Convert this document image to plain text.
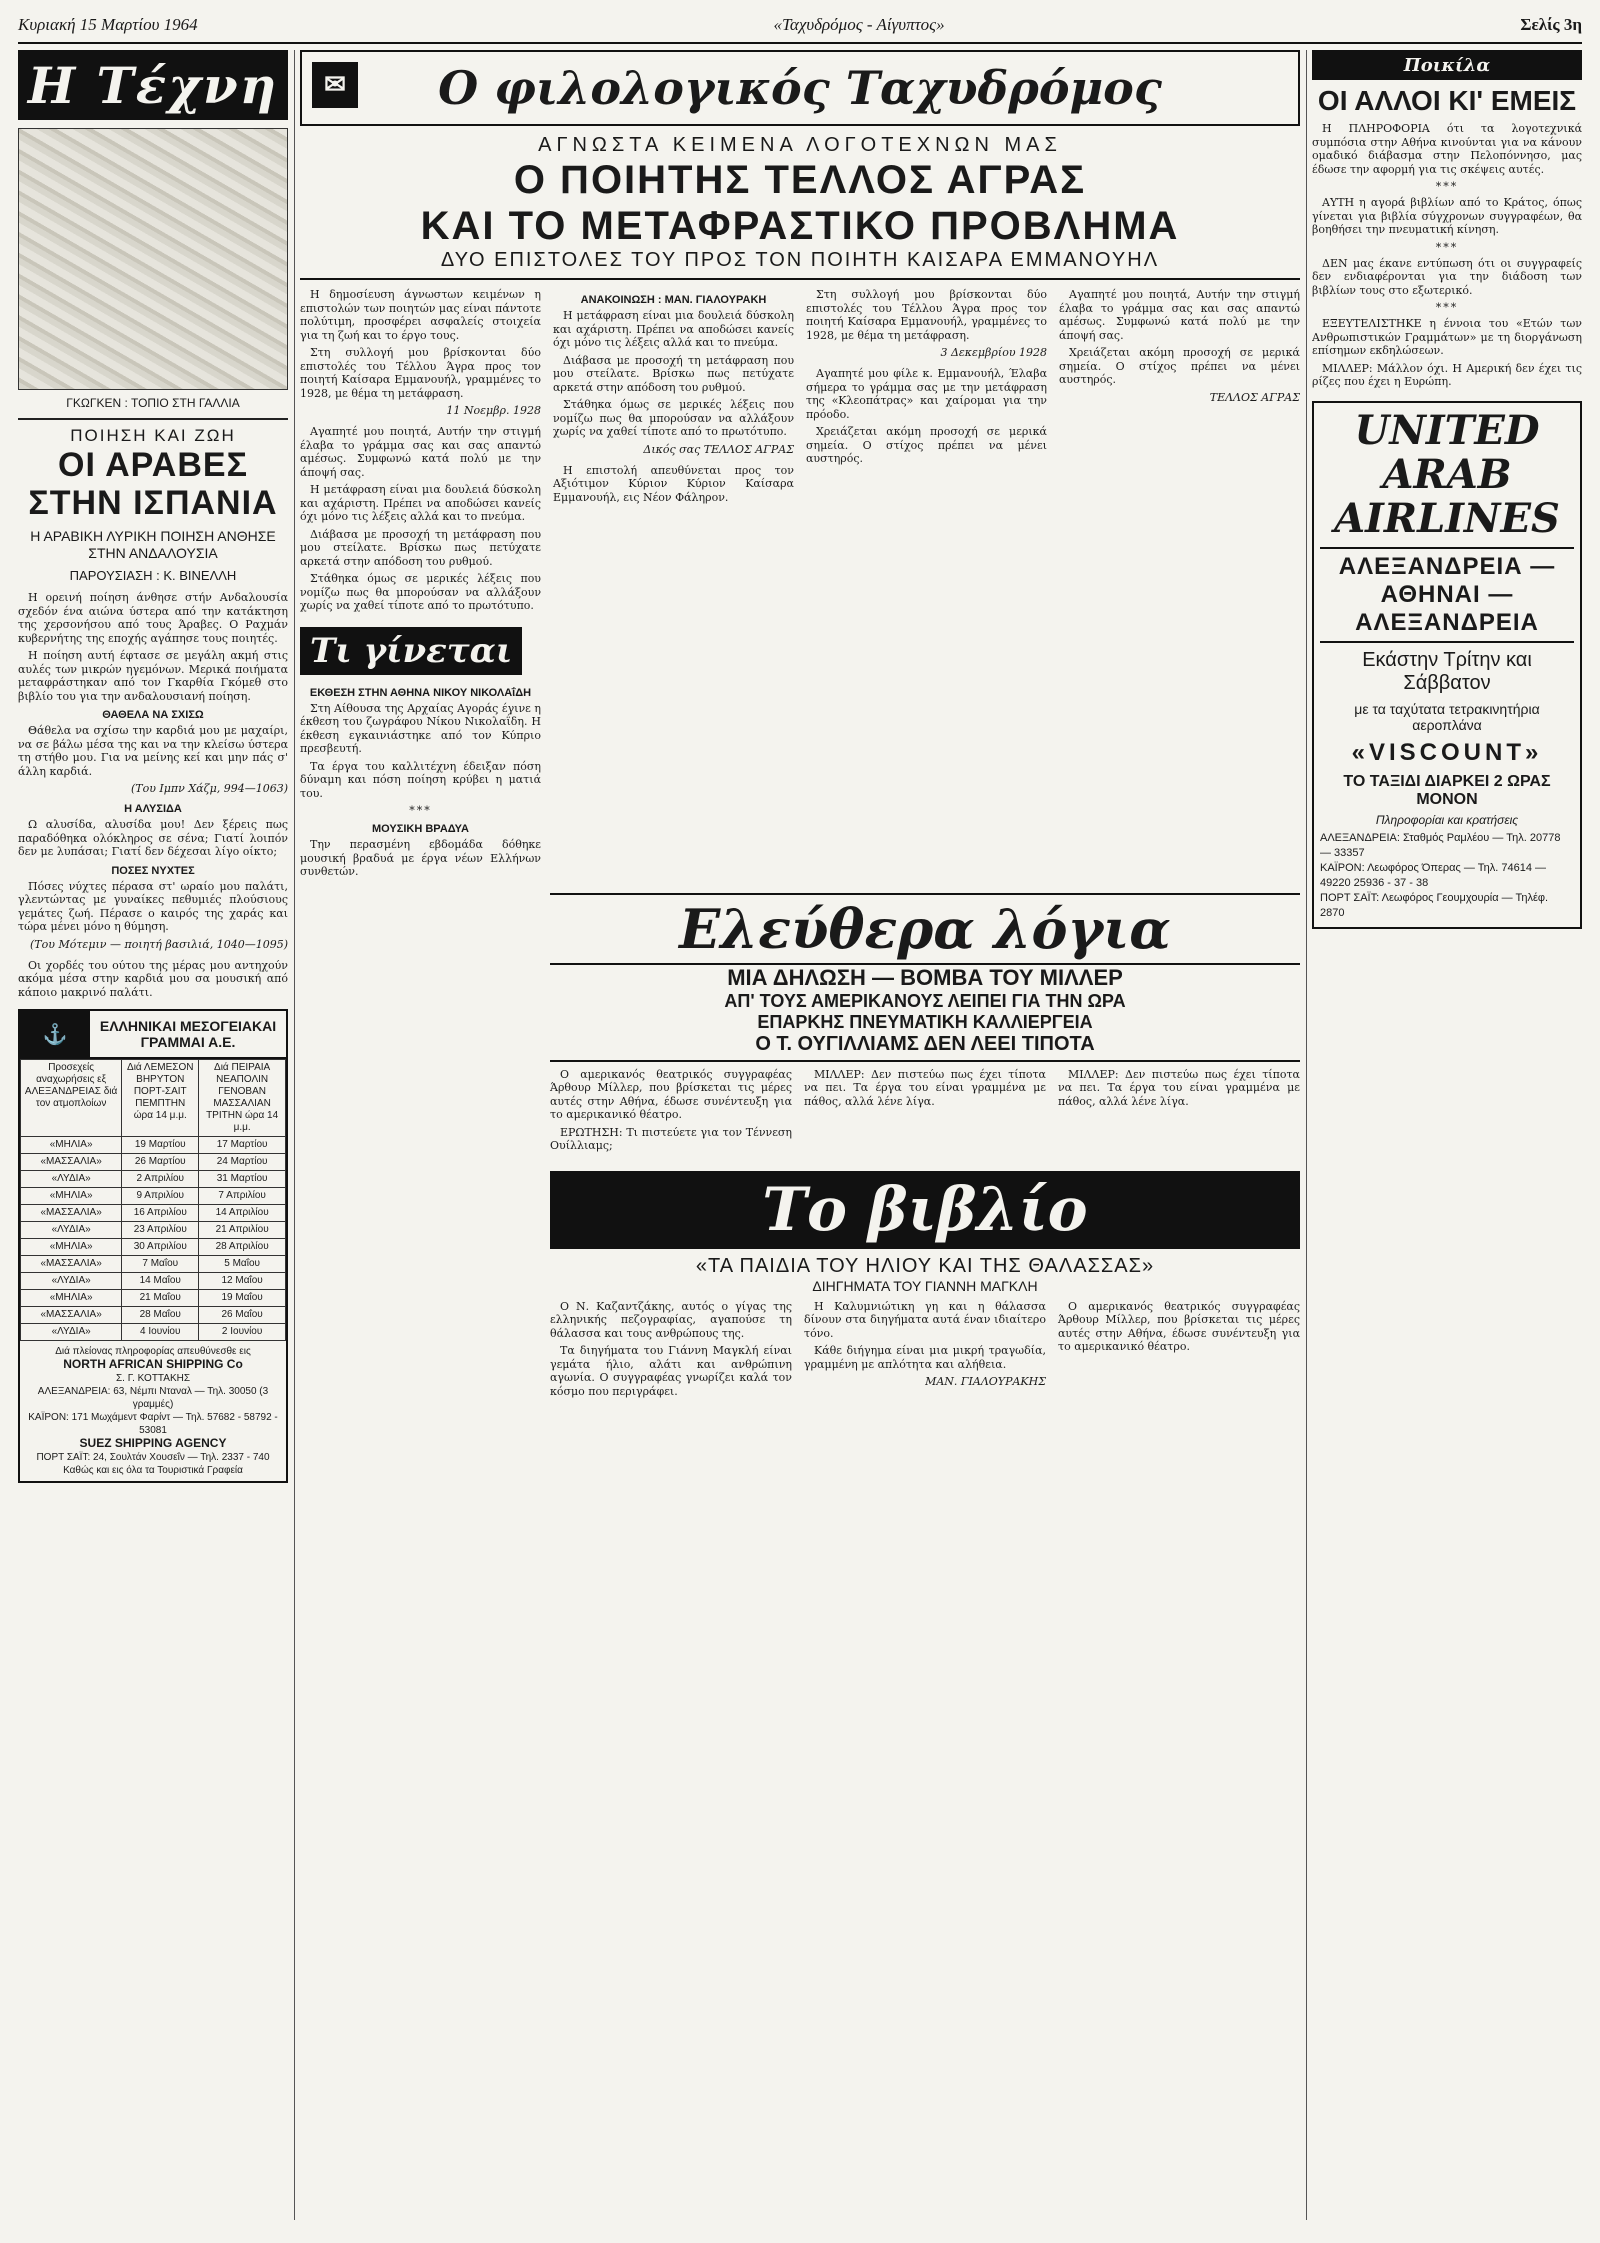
Κυριακή 15 Μαρτίου 1964	«Ταχυδρόμος - Αίγυπτος»	Σελίς 3η
Η Τέχνη
ΓΚΩΓΚΕΝ : ΤΟΠΙΟ ΣΤΗ ΓΑΛΛΙΑ
ΠΟΙΗΣΗ ΚΑΙ ΖΩΗ
ΟΙ ΑΡΑΒΕΣ ΣΤΗΝ ΙΣΠΑΝΙΑ
Η ΑΡΑΒΙΚΗ ΛΥΡΙΚΗ ΠΟΙΗΣΗ ΑΝΘΗΣΕ ΣΤΗΝ ΑΝΔΑΛΟΥΣΙΑ
ΠΑΡΟΥΣΙΑΣΗ : Κ. ΒΙΝΕΛΛΗ

Η ορεινή ποίηση άνθησε στήν Ανδαλουσία σχεδόν ένα αιώνα ύστερα από την κατάκτηση της χερσονήσου από τους Άραβες. Ο Ραχμάν κυβερνήτης της εποχής αγάπησε τους ποιητές.

Η ποίηση αυτή έφτασε σε μεγάλη ακμή στις αυλές των μικρών ηγεμόνων. Μερικά ποιήματα μεταφράστηκαν από τον Γκαρθία Γκόμεθ στο βιβλίο του για την ανδαλουσιανή ποίηση.

ΘΑΘΕΛΑ ΝΑ ΣΧΙΣΩ

Θάθελα να σχίσω την καρδιά μου με μαχαίρι, να σε βάλω μέσα της και να την κλείσω ύστερα τη στήθο μου. Για να μείνης κεί και μην πάς σ' άλλη καρδιά.

(Του Ιμπν Χάζμ, 994—1063)
Η ΑΛΥΣΙΔΑ

Ω αλυσίδα, αλυσίδα μου! Δεν ξέρεις πως παραδόθηκα ολόκληρος σε σένα; Γιατί λοιπόν δεν με λυπάσαι; Γιατί δεν δέχεσαι λίγο οίκτο;

ΠΟΣΕΣ ΝΥΧΤΕΣ

Πόσες νύχτες πέρασα στ' ωραίο μου παλάτι, γλεντώντας με γυναίκες πεθυμιές πλούσιους γεμάτες ζωή. Πέρασε ο καιρός της χαράς και τώρα μένει μόνο η θύμηση.

(Του Μότεμιν — ποιητή βασιλιά, 1040—1095)

Οι χορδές του ούτου της μέρας μου αντηχούν ακόμα μέσα στην καρδιά μου σα μουσική από κάποιο μακρινό παλάτι.

⚓	ΕΛΛΗΝΙΚΑΙ ΜΕΣΟΓΕΙΑΚΑΙ ΓΡΑΜΜΑΙ Α.Ε.
Προσεχείς αναχωρήσεις εξ ΑΛΕΞΑΝΔΡΕΙΑΣ διά τον ατμοπλοίων	Διά ΛΕΜΕΣΟΝ ΒΗΡΥΤΟΝ ΠΟΡΤ-ΣΑΙΤ ΠΕΜΠΤΗΝ ώρα 14 μ.μ.	Διά ΠΕΙΡΑΙΑ ΝΕΑΠΟΛΙΝ ΓΕΝΟΒΑΝ ΜΑΣΣΑΛΙΑΝ ΤΡΙΤΗΝ ώρα 14 μ.μ.
«ΜΗΛΙΑ»	19 Μαρτίου	17 Μαρτίου
«ΜΑΣΣΑΛΙΑ»	26 Μαρτίου	24 Μαρτίου
«ΛΥΔΙΑ»	2 Απριλίου	31 Μαρτίου
«ΜΗΛΙΑ»	9 Απριλίου	7 Απριλίου
«ΜΑΣΣΑΛΙΑ»	16 Απριλίου	14 Απριλίου
«ΛΥΔΙΑ»	23 Απριλίου	21 Απριλίου
«ΜΗΛΙΑ»	30 Απριλίου	28 Απριλίου
«ΜΑΣΣΑΛΙΑ»	7 Μαΐου	5 Μαΐου
«ΛΥΔΙΑ»	14 Μαΐου	12 Μαΐου
«ΜΗΛΙΑ»	21 Μαΐου	19 Μαΐου
«ΜΑΣΣΑΛΙΑ»	28 Μαΐου	26 Μαΐου
«ΛΥΔΙΑ»	4 Ιουνίου	2 Ιουνίου
Διά πλείονας πληροφορίας απευθύνεσθε εις
NORTH AFRICAN SHIPPING Co
Σ. Γ. ΚΟΤΤΑΚΗΣ
ΑΛΕΞΑΝΔΡΕΙΑ: 63, Νέμπι Νταναλ — Τηλ. 30050 (3 γραμμές)
ΚΑΪΡΟΝ: 171 Μωχάμεντ Φαρίντ — Τηλ. 57682 - 58792 - 53081
SUEZ SHIPPING AGENCY
ΠΟΡΤ ΣΑΪΤ: 24, Σουλτάν Χουσεΐν — Τηλ. 2337 - 740
Καθώς και εις όλα τα Τουριστικά Γραφεία
✉ Ο φιλολογικός Ταχυδρόμος
ΑΓΝΩΣΤΑ ΚΕΙΜΕΝΑ ΛΟΓΟΤΕΧΝΩΝ ΜΑΣ
Ο ΠΟΙΗΤΗΣ ΤΕΛΛΟΣ ΑΓΡΑΣ
ΚΑΙ ΤΟ ΜΕΤΑΦΡΑΣΤΙΚΟ ΠΡΟΒΛΗΜΑ
ΔΥΟ ΕΠΙΣΤΟΛΕΣ ΤΟΥ ΠΡΟΣ ΤΟΝ ΠΟΙΗΤΗ ΚΑΙΣΑΡΑ ΕΜΜΑΝΟΥΗΛ

Η δημοσίευση άγνωστων κειμένων η επιστολών των ποιητών μας είναι πάντοτε πολύτιμη, προσφέρει ασφαλείς στοιχεία για τη ζωή και το έργο τους.

Στη συλλογή μου βρίσκονται δύο επιστολές του Τέλλου Άγρα προς τον ποιητή Καίσαρα Εμμανουήλ, γραμμένες το 1928, με θέμα τη μετάφραση.

11 Νοεμβρ. 1928

Αγαπητέ μου ποιητά, Αυτήν την στιγμή έλαβα το γράμμα σας και σας απαντώ αμέσως. Συμφωνώ κατά πολύ με την άποψή σας.

Η μετάφραση είναι μια δουλειά δύσκολη και αχάριστη. Πρέπει να αποδώσει κανείς όχι μόνο τις λέξεις αλλά και το πνεύμα.

Διάβασα με προσοχή τη μετάφραση που μου στείλατε. Βρίσκω πως πετύχατε αρκετά στην απόδοση του ρυθμού.

Στάθηκα όμως σε μερικές λέξεις που νομίζω πως θα μπορούσαν να αλλάξουν χωρίς να χαθεί τίποτε από το πρωτότυπο.

Τι γίνεται
ΕΚΘΕΣΗ ΣΤΗΝ ΑΘΗΝΑ ΝΙΚΟΥ ΝΙΚΟΛΑΐΔΗ

Στη Αίθουσα της Αρχαίας Αγοράς έγινε η έκθεση του ζωγράφου Νίκου Νικολαΐδη. Η έκθεση εγκαινιάστηκε από τον Κύπριο πρεσβευτή.

Τα έργα του καλλιτέχνη έδειξαν πόση δύναμη και πόση ποίηση κρύβει η ματιά του.

***
ΜΟΥΣΙΚΗ ΒΡΑΔΥΑ

Την περασμένη εβδομάδα δόθηκε μουσική βραδυά με έργα νέων Ελλήνων συνθετών.

ΑΝΑΚΟΙΝΩΣΗ : ΜΑΝ. ΓΙΑΛΟΥΡΑΚΗ

Η μετάφραση είναι μια δουλειά δύσκολη και αχάριστη. Πρέπει να αποδώσει κανείς όχι μόνο τις λέξεις αλλά και το πνεύμα.

Διάβασα με προσοχή τη μετάφραση που μου στείλατε. Βρίσκω πως πετύχατε αρκετά στην απόδοση του ρυθμού.

Στάθηκα όμως σε μερικές λέξεις που νομίζω πως θα μπορούσαν να αλλάξουν χωρίς να χαθεί τίποτε από το πρωτότυπο.

Δικός σας ΤΕΛΛΟΣ ΑΓΡΑΣ

Η επιστολή απευθύνεται προς τον Αξιότιμον Κύριον Κύριον Καίσαρα Εμμανουήλ, εις Νέον Φάληρον.

Στη συλλογή μου βρίσκονται δύο επιστολές του Τέλλου Άγρα προς τον ποιητή Καίσαρα Εμμανουήλ, γραμμένες το 1928, με θέμα τη μετάφραση.

3 Δεκεμβρίου 1928

Αγαπητέ μου φίλε κ. Εμμανουήλ, Έλαβα σήμερα το γράμμα σας με την μετάφραση της «Κλεοπάτρας» και χαίρομαι για την πρόοδο.

Χρειάζεται ακόμη προσοχή σε μερικά σημεία. Ο στίχος πρέπει να μένει αυστηρός.

Αγαπητέ μου ποιητά, Αυτήν την στιγμή έλαβα το γράμμα σας και σας απαντώ αμέσως. Συμφωνώ κατά πολύ με την άποψή σας.

Χρειάζεται ακόμη προσοχή σε μερικά σημεία. Ο στίχος πρέπει να μένει αυστηρός.

ΤΕΛΛΟΣ ΑΓΡΑΣ
Ελεύθερα λόγια
ΜΙΑ ΔΗΛΩΣΗ — ΒΟΜΒΑ ΤΟΥ ΜΙΛΛΕΡ
ΑΠ' ΤΟΥΣ ΑΜΕΡΙΚΑΝΟΥΣ ΛΕΙΠΕΙ ΓΙΑ ΤΗΝ ΩΡΑ
ΕΠΑΡΚΗΣ ΠΝΕΥΜΑΤΙΚΗ ΚΑΛΛΙΕΡΓΕΙΑ
Ο Τ. ΟΥΓΙΛΛΙΑΜΣ ΔΕΝ ΛΕΕΙ ΤΙΠΟΤΑ

Ο αμερικανός θεατρικός συγγραφέας Άρθουρ Μίλλερ, που βρίσκεται τις μέρες αυτές στην Αθήνα, έδωσε συνέντευξη για το αμερικανικό θέατρο.

ΕΡΩΤΗΣΗ: Τι πιστεύετε για τον Τέννεση Ουίλλιαμς;

ΜΙΛΛΕΡ: Δεν πιστεύω πως έχει τίποτα να πει. Τα έργα του είναι γραμμένα με πάθος, αλλά λένε λίγα.

ΜΙΛΛΕΡ: Δεν πιστεύω πως έχει τίποτα να πει. Τα έργα του είναι γραμμένα με πάθος, αλλά λένε λίγα.

Το βιβλίο
«ΤΑ ΠΑΙΔΙΑ ΤΟΥ ΗΛΙΟΥ ΚΑΙ ΤΗΣ ΘΑΛΑΣΣΑΣ»
ΔΙΗΓΗΜΑΤΑ ΤΟΥ ΓΙΑΝΝΗ ΜΑΓΚΛΗ

Ο Ν. Καζαντζάκης, αυτός ο γίγας της ελληνικής πεζογραφίας, αγαπούσε τη θάλασσα και τους ανθρώπους της.

Τα διηγήματα του Γιάννη Μαγκλή είναι γεμάτα ήλιο, αλάτι και ανθρώπινη αγωνία. Ο συγγραφέας γνωρίζει καλά τον κόσμο που περιγράφει.

Η Καλυμνιώτικη γη και η θάλασσα δίνουν στα διηγήματα αυτά έναν ιδιαίτερο τόνο.

Κάθε διήγημα είναι μια μικρή τραγωδία, γραμμένη με απλότητα και αλήθεια.

ΜΑΝ. ΓΙΑΛΟΥΡΑΚΗΣ

Ο αμερικανός θεατρικός συγγραφέας Άρθουρ Μίλλερ, που βρίσκεται τις μέρες αυτές στην Αθήνα, έδωσε συνέντευξη για το αμερικανικό θέατρο.

Ποικίλα
ΟΙ ΑΛΛΟΙ ΚΙ' ΕΜΕΙΣ

Η ΠΛΗΡΟΦΟΡΙΑ ότι τα λογοτεχνικά συμπόσια στην Αθήνα κινούνται για να κάνουν ομαδικό διάβασμα στην Πελοπόννησο, μας έδωσε την αφορμή για τις σκέψεις αυτές.

***

ΑΥΤΗ η αγορά βιβλίων από το Κράτος, όπως γίνεται για βιβλία σύγχρονων συγγραφέων, θα βοηθήσει την πνευματική κίνηση.

***

ΔΕΝ μας έκανε εντύπωση ότι οι συγγραφείς δεν ενδιαφέρονται για την διάδοση των βιβλίων τους στο εξωτερικό.

***

ΕΞΕΥΤΕΛΙΣΤΗΚΕ η έννοια του «Ετών των Ανθρωπιστικών Γραμμάτων» με τη διοργάνωση επίσημων εκδηλώσεων.

ΜΙΛΛΕΡ: Μάλλον όχι. Η Αμερική δεν έχει τις ρίζες που έχει η Ευρώπη.

UNITED ARAB AIRLINES
ΑΛΕΞΑΝΔΡΕΙΑ — ΑΘΗΝΑΙ — ΑΛΕΞΑΝΔΡΕΙΑ
Εκάστην Τρίτην και Σάββατον
με τα ταχύτατα τετρακινητήρια αεροπλάνα
«VISCOUNT»
ΤΟ ΤΑΞΙΔΙ ΔΙΑΡΚΕΙ 2 ΩΡΑΣ ΜΟΝΟΝ
Πληροφορίαι και κρατήσεις
ΑΛΕΞΑΝΔΡΕΙΑ: Σταθμός Ραμλέου — Τηλ. 20778 — 33357
ΚΑΪΡΟΝ: Λεωφόρος Όπερας — Τηλ. 74614 — 49220 25936 - 37 - 38
ΠΟΡΤ ΣΑΪΤ: Λεωφόρος Γεουμχουρία — Τηλέφ. 2870
